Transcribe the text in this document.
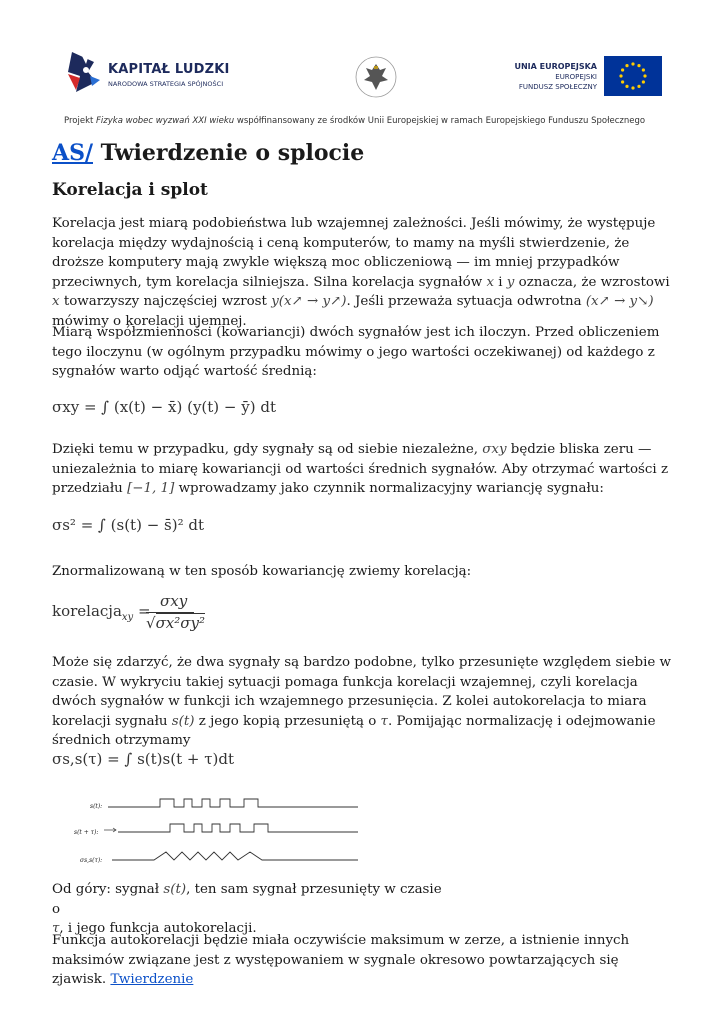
KAPITAŁ LUDZKI
NARODOWA STRATEGIA SPÓJNOŚCI
UNIA EUROPEJSKA
EUROPEJSKI
FUNDUSZ SPOŁECZNY
Projekt Fizyka wobec wyzwań XXI wieku współfinansowany ze środków Unii Europejskiej w ramach Europejskiego Funduszu Społecznego
AS/ Twierdzenie o splocie
Korelacja i splot
Korelacja jest miarą podobieństwa lub wzajemnej zależności. Jeśli mówimy, że występuje korelacja między wydajnością i ceną komputerów, to mamy na myśli stwierdzenie, że droższe komputery mają zwykle większą moc obliczeniową — im mniej przypadków przeciwnych, tym korelacja silniejsza. Silna korelacja sygnałów x i y oznacza, że wzrostowi x towarzyszy najczęściej wzrost y(x↗ → y↗). Jeśli przeważa sytuacja odwrotna (x↗ → y↘) mówimy o korelacji ujemnej.
Miarą współzmienności (kowariancji) dwóch sygnałów jest ich iloczyn. Przed obliczeniem tego iloczynu (w ogólnym przypadku mówimy o jego wartości oczekiwanej) od każdego z sygnałów warto odjąć wartość średnią:
σxy = ∫ (x(t) − x̄) (y(t) − ȳ) dt
Dzięki temu w przypadku, gdy sygnały są od siebie niezależne, σxy będzie bliska zeru — uniezależnia to miarę kowariancji od wartości średnich sygnałów. Aby otrzymać wartości z przedziału [−1, 1] wprowadzamy jako czynnik normalizacyjny wariancję sygnału:
σs² = ∫ (s(t) − s̄)² dt
Znormalizowaną w ten sposób kowariancję zwiemy korelacją:
korelacja$_{xy}$ =
σxy
√σx²σy²
Może się zdarzyć, że dwa sygnały są bardzo podobne, tylko przesunięte względem siebie w czasie. W wykryciu takiej sytuacji pomaga funkcja korelacji wzajemnej, czyli korelacja dwóch sygnałów w funkcji ich wzajemnego przesunięcia. Z kolei autokorelacja to miara korelacji sygnału s(t) z jego kopią przesuniętą o τ. Pomijając normalizację i odejmowanie średnich otrzymamy
σs,s(τ) = ∫ s(t)s(t + τ)dt
s(t):
s(t + τ):
σs,s(τ):
Od góry: sygnał s(t), ten sam sygnał przesunięty w czasie o
τ, i jego funkcja autokorelacji.
Funkcja autokorelacji będzie miała oczywiście maksimum w zerze, a istnienie innych maksimów związane jest z występowaniem w sygnale okresowo powtarzających się zjawisk. Twierdzenie
